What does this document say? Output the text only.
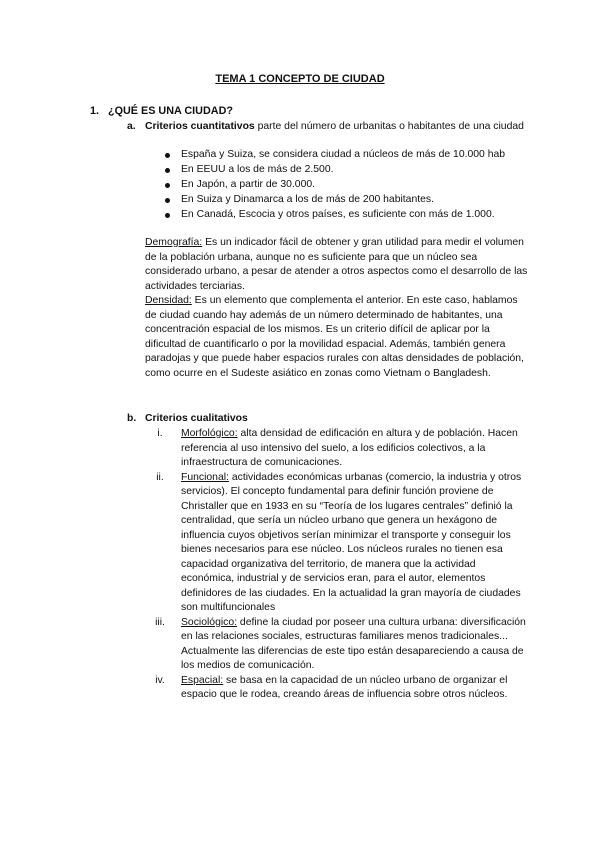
TEMA 1 CONCEPTO DE CIUDAD
1. ¿QUÉ ES UNA CIUDAD?
a. Criterios cuantitativos parte del número de urbanitas o habitantes de una ciudad
España y Suiza, se considera ciudad a núcleos de más de 10.000 hab
En EEUU a los de más de 2.500.
En Japón, a partir de 30.000.
En Suiza y Dinamarca a los de más de 200 habitantes.
En Canadá, Escocia y otros países, es suficiente con más de 1.000.
Demografía: Es un indicador fácil de obtener y gran utilidad para medir el volumen de la población urbana, aunque no es suficiente para que un núcleo sea considerado urbano, a pesar de atender a otros aspectos como el desarrollo de las actividades terciarias.
Densidad: Es un elemento que complementa el anterior. En este caso, hablamos de ciudad cuando hay además de un número determinado de habitantes, una concentración espacial de los mismos. Es un criterio difícil de aplicar por la dificultad de cuantificarlo o por la movilidad espacial. Además, también genera paradojas y que puede haber espacios rurales con altas densidades de población, como ocurre en el Sudeste asiático en zonas como Vietnam o Bangladesh.
b. Criterios cualitativos
i.	Morfológico: alta densidad de edificación en altura y de población. Hacen referencia al uso intensivo del suelo, a los edificios colectivos, a la infraestructura de comunicaciones.
ii.	Funcional: actividades económicas urbanas (comercio, la industria y otros servicios). El concepto fundamental para definir función proviene de Christaller que en 1933 en su “Teoría de los lugares centrales” definió la centralidad, que sería un núcleo urbano que genera un hexágono de influencia cuyos objetivos serían minimizar el transporte y conseguir los bienes necesarios para ese núcleo. Los núcleos rurales no tienen esa capacidad organizativa del territorio, de manera que la actividad económica, industrial y de servicios eran, para el autor, elementos definidores de las ciudades. En la actualidad la gran mayoría de ciudades son multifuncionales
iii.	Sociológico: define la ciudad por poseer una cultura urbana: diversificación en las relaciones sociales, estructuras familiares menos tradicionales...
Actualmente las diferencias de este tipo están desapareciendo a causa de los medios de comunicación.
iv.	Espacial: se basa en la capacidad de un núcleo urbano de organizar el espacio que le rodea, creando áreas de influencia sobre otros núcleos.
